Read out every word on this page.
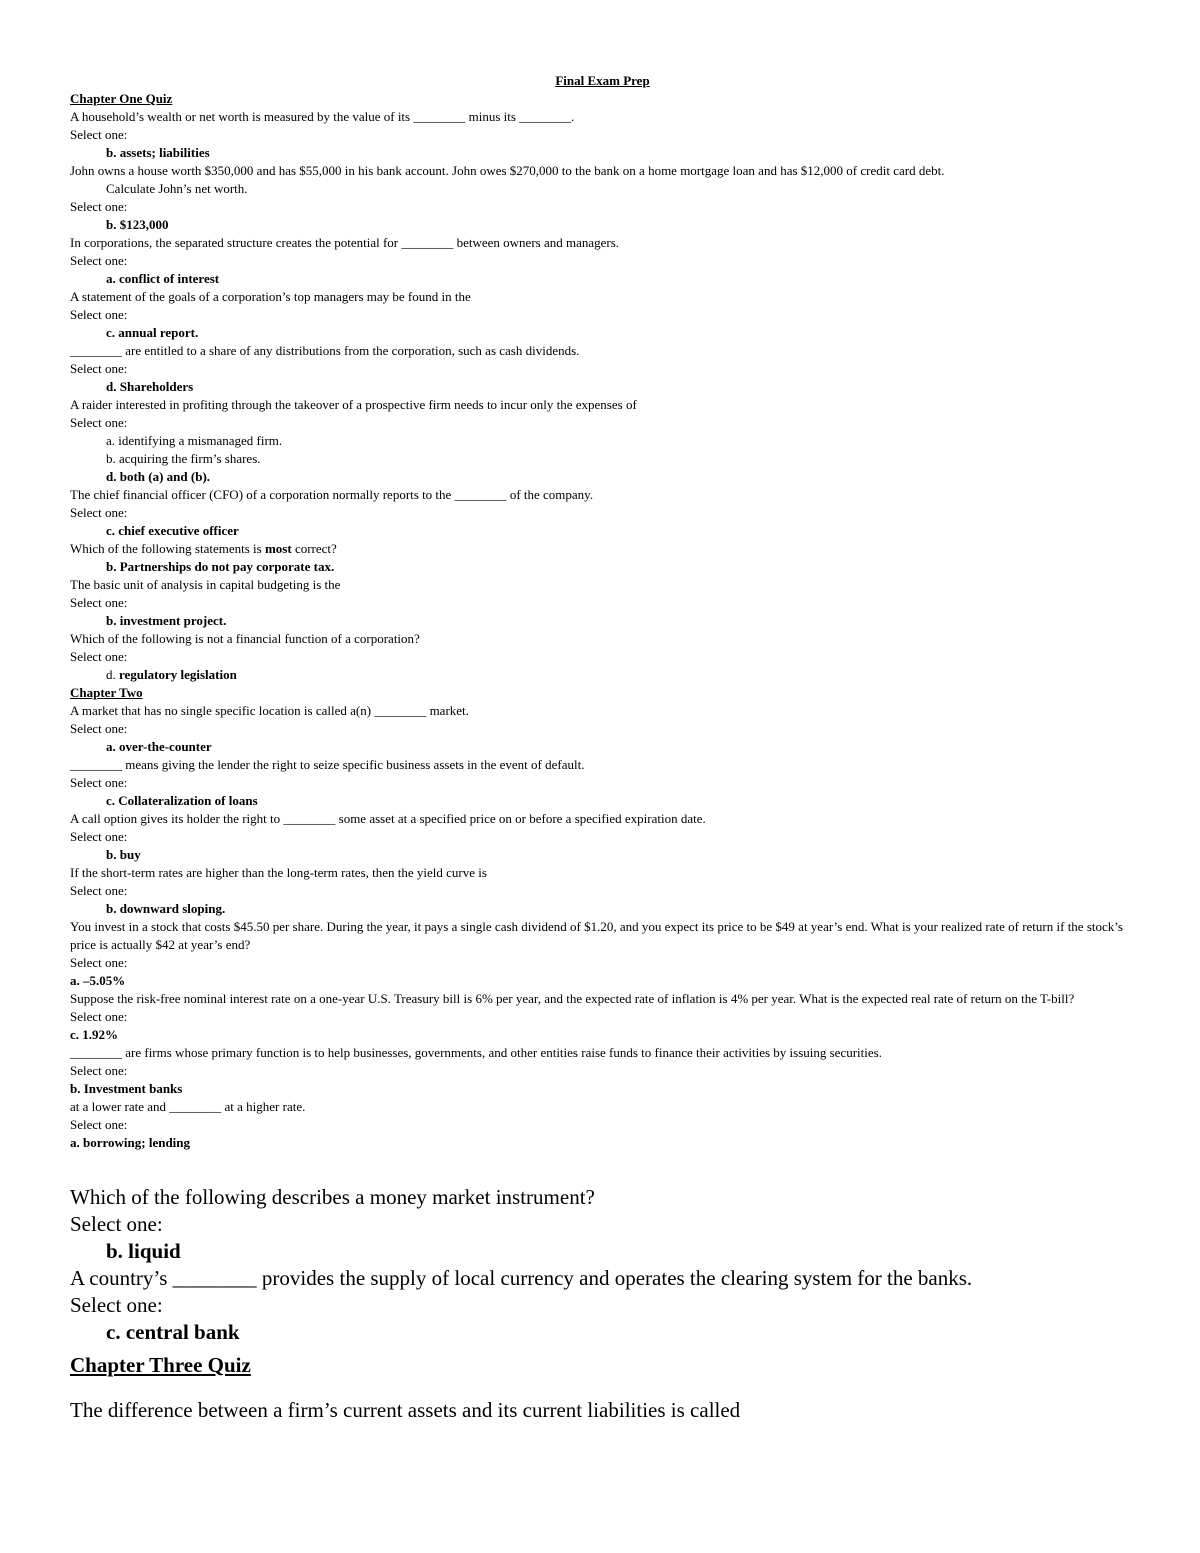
Final Exam Prep
Chapter One Quiz
A household’s wealth or net worth is measured by the value of its ________ minus its ________.
Select one:
b. assets; liabilities
John owns a house worth $350,000 and has $55,000 in his bank account. John owes $270,000 to the bank on a home mortgage loan and has $12,000 of credit card debt.
Calculate John’s net worth.
Select one:
b. $123,000
In corporations, the separated structure creates the potential for ________ between owners and managers.
Select one:
a. conflict of interest
A statement of the goals of a corporation’s top managers may be found in the
Select one:
c. annual report.
________ are entitled to a share of any distributions from the corporation, such as cash dividends.
Select one:
d. Shareholders
A raider interested in profiting through the takeover of a prospective firm needs to incur only the expenses of
Select one:
a. identifying a mismanaged firm.
b. acquiring the firm’s shares.
d. both (a) and (b).
The chief financial officer (CFO) of a corporation normally reports to the ________ of the company.
Select one:
c. chief executive officer
Which of the following statements is most correct?
b. Partnerships do not pay corporate tax.
The basic unit of analysis in capital budgeting is the
Select one:
b. investment project.
Which of the following is not a financial function of a corporation?
Select one:
d. regulatory legislation
Chapter Two
A market that has no single specific location is called a(n) ________ market.
Select one:
a. over-the-counter
________ means giving the lender the right to seize specific business assets in the event of default.
Select one:
c. Collateralization of loans
A call option gives its holder the right to ________ some asset at a specified price on or before a specified expiration date.
Select one:
b. buy
If the short-term rates are higher than the long-term rates, then the yield curve is
Select one:
b. downward sloping.
You invest in a stock that costs $45.50 per share. During the year, it pays a single cash dividend of $1.20, and you expect its price to be $49 at year’s end. What is your realized rate of return if the stock’s price is actually $42 at year’s end?
Select one:
a. –5.05%
Suppose the risk-free nominal interest rate on a one-year U.S. Treasury bill is 6% per year, and the expected rate of inflation is 4% per year. What is the expected real rate of return on the T-bill?
Select one:
c. 1.92%
________ are firms whose primary function is to help businesses, governments, and other entities raise funds to finance their activities by issuing securities.
Select one:
b. Investment banks
at a lower rate and ________ at a higher rate.
Select one:
a. borrowing; lending
Which of the following describes a money market instrument?
Select one:
b. liquid
A country’s ________ provides the supply of local currency and operates the clearing system for the banks.
Select one:
c. central bank
Chapter Three Quiz
The difference between a firm’s current assets and its current liabilities is called
